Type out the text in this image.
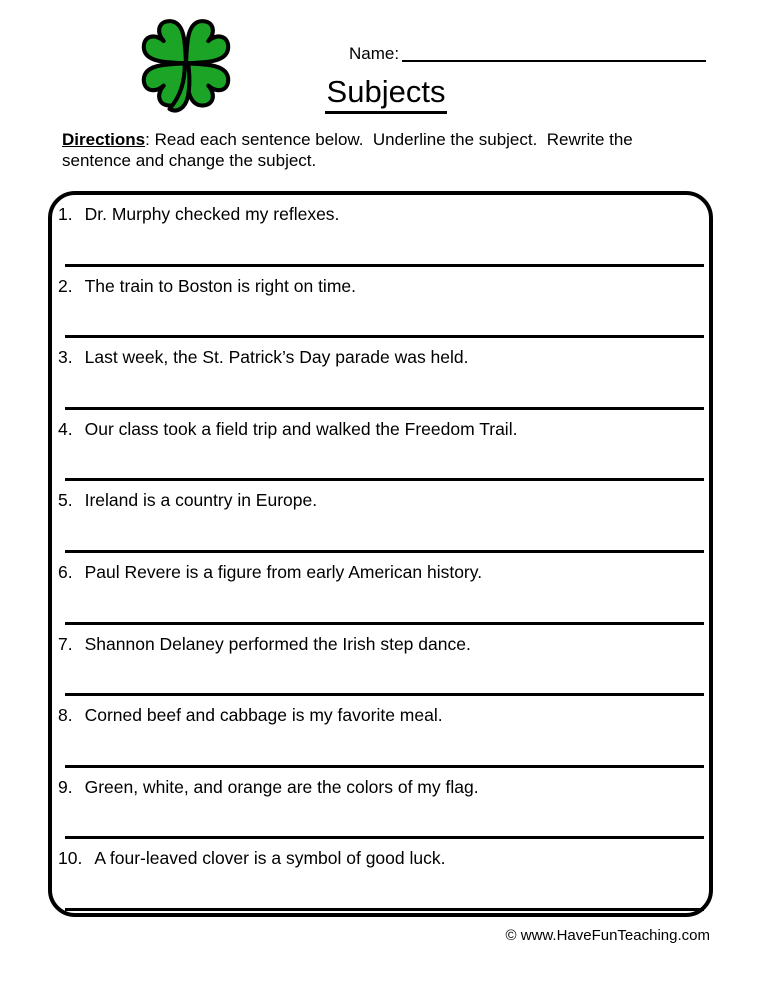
Name:
Subjects
Directions: Read each sentence below.  Underline the subject.  Rewrite the sentence and change the subject.
1. Dr. Murphy checked my reflexes.
2. The train to Boston is right on time.
3. Last week, the St. Patrick’s Day parade was held.
4. Our class took a field trip and walked the Freedom Trail.
5. Ireland is a country in Europe.
6. Paul Revere is a figure from early American history.
7. Shannon Delaney performed the Irish step dance.
8. Corned beef and cabbage is my favorite meal.
9. Green, white, and orange are the colors of my flag.
10. A four-leaved clover is a symbol of good luck.
© www.HaveFunTeaching.com
